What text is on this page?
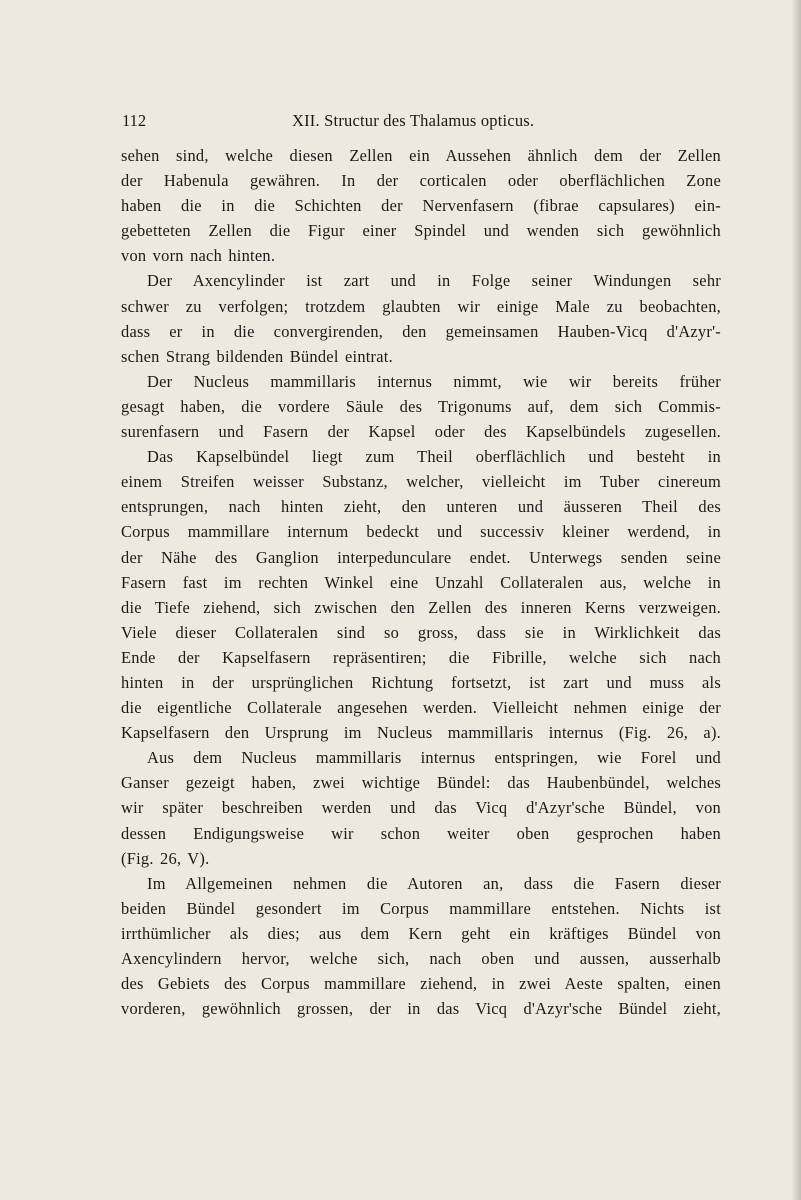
112	XII. Structur des Thalamus opticus.
sehen sind, welche diesen Zellen ein Aussehen ähnlich dem der Zellen
der Habenula gewähren. In der corticalen oder oberflächlichen Zone
haben die in die Schichten der Nervenfasern (fibrae capsulares) ein-
gebetteten Zellen die Figur einer Spindel und wenden sich gewöhnlich
von vorn nach hinten.
Der Axencylinder ist zart und in Folge seiner Windungen sehr
schwer zu verfolgen; trotzdem glaubten wir einige Male zu beobachten,
dass er in die convergirenden, den gemeinsamen Hauben-Vicq d'Azyr'-
schen Strang bildenden Bündel eintrat.
Der Nucleus mammillaris internus nimmt, wie wir bereits früher
gesagt haben, die vordere Säule des Trigonums auf, dem sich Commis-
surenfasern und Fasern der Kapsel oder des Kapselbündels zugesellen.
Das Kapselbündel liegt zum Theil oberflächlich und besteht in
einem Streifen weisser Substanz, welcher, vielleicht im Tuber cinereum
entsprungen, nach hinten zieht, den unteren und äusseren Theil des
Corpus mammillare internum bedeckt und successiv kleiner werdend, in
der Nähe des Ganglion interpedunculare endet. Unterwegs senden seine
Fasern fast im rechten Winkel eine Unzahl Collateralen aus, welche in
die Tiefe ziehend, sich zwischen den Zellen des inneren Kerns verzweigen.
Viele dieser Collateralen sind so gross, dass sie in Wirklichkeit das
Ende der Kapselfasern repräsentiren; die Fibrille, welche sich nach
hinten in der ursprünglichen Richtung fortsetzt, ist zart und muss als
die eigentliche Collaterale angesehen werden. Vielleicht nehmen einige der
Kapselfasern den Ursprung im Nucleus mammillaris internus (Fig. 26, a).
Aus dem Nucleus mammillaris internus entspringen, wie Forel und
Ganser gezeigt haben, zwei wichtige Bündel: das Haubenbündel, welches
wir später beschreiben werden und das Vicq d'Azyr'sche Bündel, von
dessen Endigungsweise wir schon weiter oben gesprochen haben
(Fig. 26, V).
Im Allgemeinen nehmen die Autoren an, dass die Fasern dieser
beiden Bündel gesondert im Corpus mammillare entstehen. Nichts ist
irrthümlicher als dies; aus dem Kern geht ein kräftiges Bündel von
Axencylindern hervor, welche sich, nach oben und aussen, ausserhalb
des Gebiets des Corpus mammillare ziehend, in zwei Aeste spalten, einen
vorderen, gewöhnlich grossen, der in das Vicq d'Azyr'sche Bündel zieht,
